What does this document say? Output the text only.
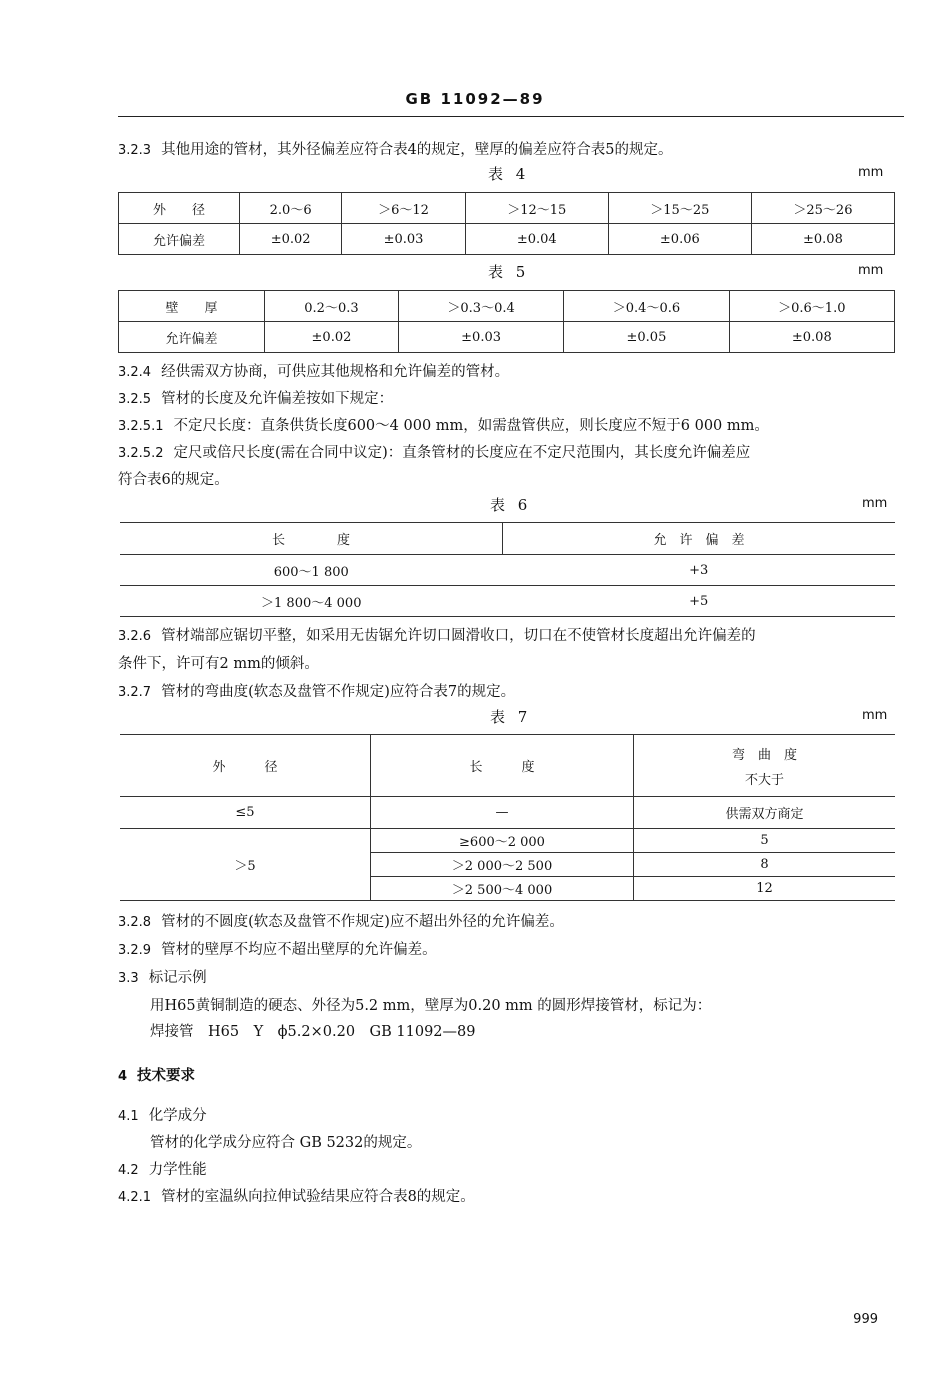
GB 11092—89
3.2.3 其他用途的管材，其外径偏差应符合表4的规定，壁厚的偏差应符合表5的规定。
表 4	mm
外　　径	2.0～6	＞6～12	＞12～15	＞15～25	＞25～26
允许偏差	±0.02	±0.03	±0.04	±0.06	±0.08
表 5	mm
壁　　厚	0.2～0.3	＞0.3～0.4	＞0.4～0.6	＞0.6～1.0
允许偏差	±0.02	±0.03	±0.05	±0.08
3.2.4 经供需双方协商，可供应其他规格和允许偏差的管材。
3.2.5 管材的长度及允许偏差按如下规定：
3.2.5.1 不定尺长度：直条供货长度600～4 000 mm，如需盘管供应，则长度应不短于6 000 mm。
3.2.5.2 定尺或倍尺长度(需在合同中议定)：直条管材的长度应在不定尺范围内，其长度允许偏差应
符合表6的规定。
表 6	mm
长　　　　度	允　许　偏　差
600～1 800	+3
＞1 800～4 000	+5
3.2.6 管材端部应锯切平整，如采用无齿锯允许切口圆滑收口，切口在不使管材长度超出允许偏差的
条件下，许可有2 mm的倾斜。
3.2.7 管材的弯曲度(软态及盘管不作规定)应符合表7的规定。
表 7	mm
外　　　径	长　　　度	弯　曲　度
不大于

≤5	—	供需双方商定
＞5	≥600～2 000	5
	＞2 000～2 500	8
	＞2 500～4 000	12
3.2.8 管材的不圆度(软态及盘管不作规定)应不超出外径的允许偏差。
3.2.9 管材的壁厚不均应不超出壁厚的允许偏差。
3.3 标记示例
用H65黄铜制造的硬态、外径为5.2 mm，壁厚为0.20 mm 的圆形焊接管材，标记为：
焊接管　H65　Y　ϕ5.2×0.20　GB 11092—89
4 技术要求
4.1 化学成分
管材的化学成分应符合 GB 5232的规定。
4.2 力学性能
4.2.1 管材的室温纵向拉伸试验结果应符合表8的规定。
999
